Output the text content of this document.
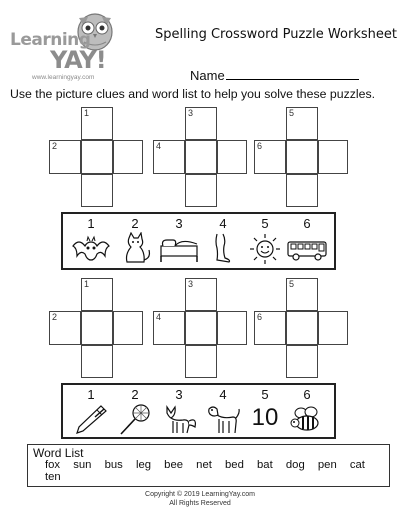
Learning
YAY!
www.learningyay.com
Spelling Crossword Puzzle Worksheet
Name
Use the picture clues and word list to help you solve these puzzles.
1
2
3
4
5
6
1	2	3	4	5	6
1
2
3
4
5
6
1	2	3	4	5
10
6
Word List
fox sun bus leg bee net bed bat dog pen cat ten
Copyright © 2019 LearningYay.com
All Rights Reserved
